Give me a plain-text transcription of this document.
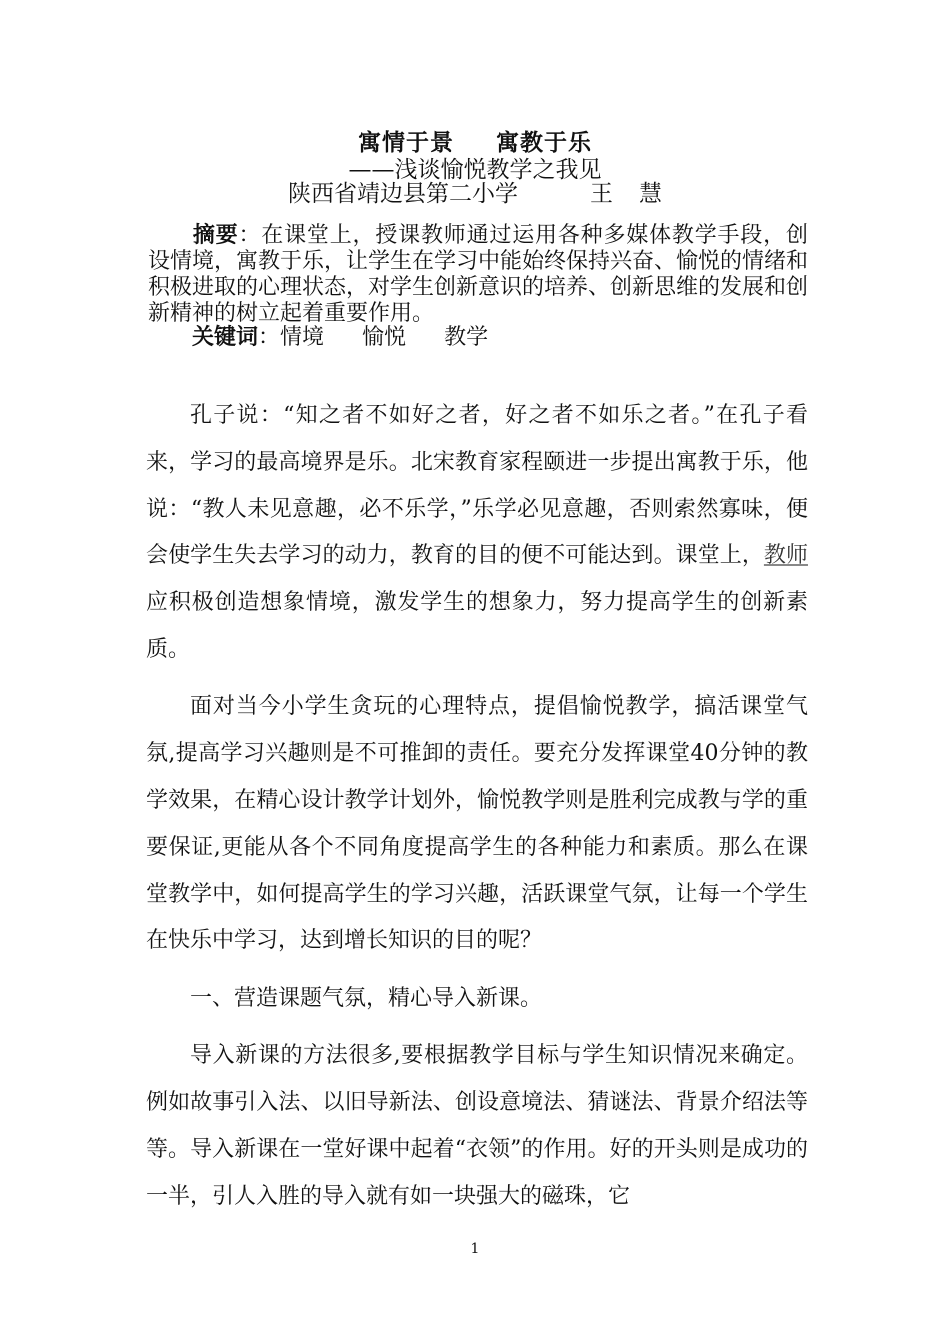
寓情于景 寓教于乐
——浅谈愉悦教学之我见
陕西省靖边县第二小学	王 慧
摘要：在课堂上，授课教师通过运用各种多媒体教学手段，创设情境，寓教于乐，让学生在学习中能始终保持兴奋、愉悦的情绪和积极进取的心理状态，对学生创新意识的培养、创新思维的发展和创新精神的树立起着重要作用。
关键词：情境 愉悦 教学

孔子说：“知之者不如好之者，好之者不如乐之者。”在孔子看来，学习的最高境界是乐。北宋教育家程颐进一步提出寓教于乐，他说：“教人未见意趣，必不乐学，”乐学必见意趣，否则索然寡味，便会使学生失去学习的动力，教育的目的便不可能达到。课堂上，教师应积极创造想象情境，激发学生的想象力，努力提高学生的创新素质。

面对当今小学生贪玩的心理特点，提倡愉悦教学，搞活课堂气氛,提高学习兴趣则是不可推卸的责任。要充分发挥课堂40分钟的教学效果，在精心设计教学计划外，愉悦教学则是胜利完成教与学的重要保证,更能从各个不同角度提高学生的各种能力和素质。那么在课堂教学中，如何提高学生的学习兴趣，活跃课堂气氛，让每一个学生在快乐中学习，达到增长知识的目的呢？

一、营造课题气氛，精心导入新课。

导入新课的方法很多,要根据教学目标与学生知识情况来确定。例如故事引入法、以旧导新法、创设意境法、猜谜法、背景介绍法等等。导入新课在一堂好课中起着“衣领”的作用。好的开头则是成功的一半，引人入胜的导入就有如一块强大的磁珠，它

1
